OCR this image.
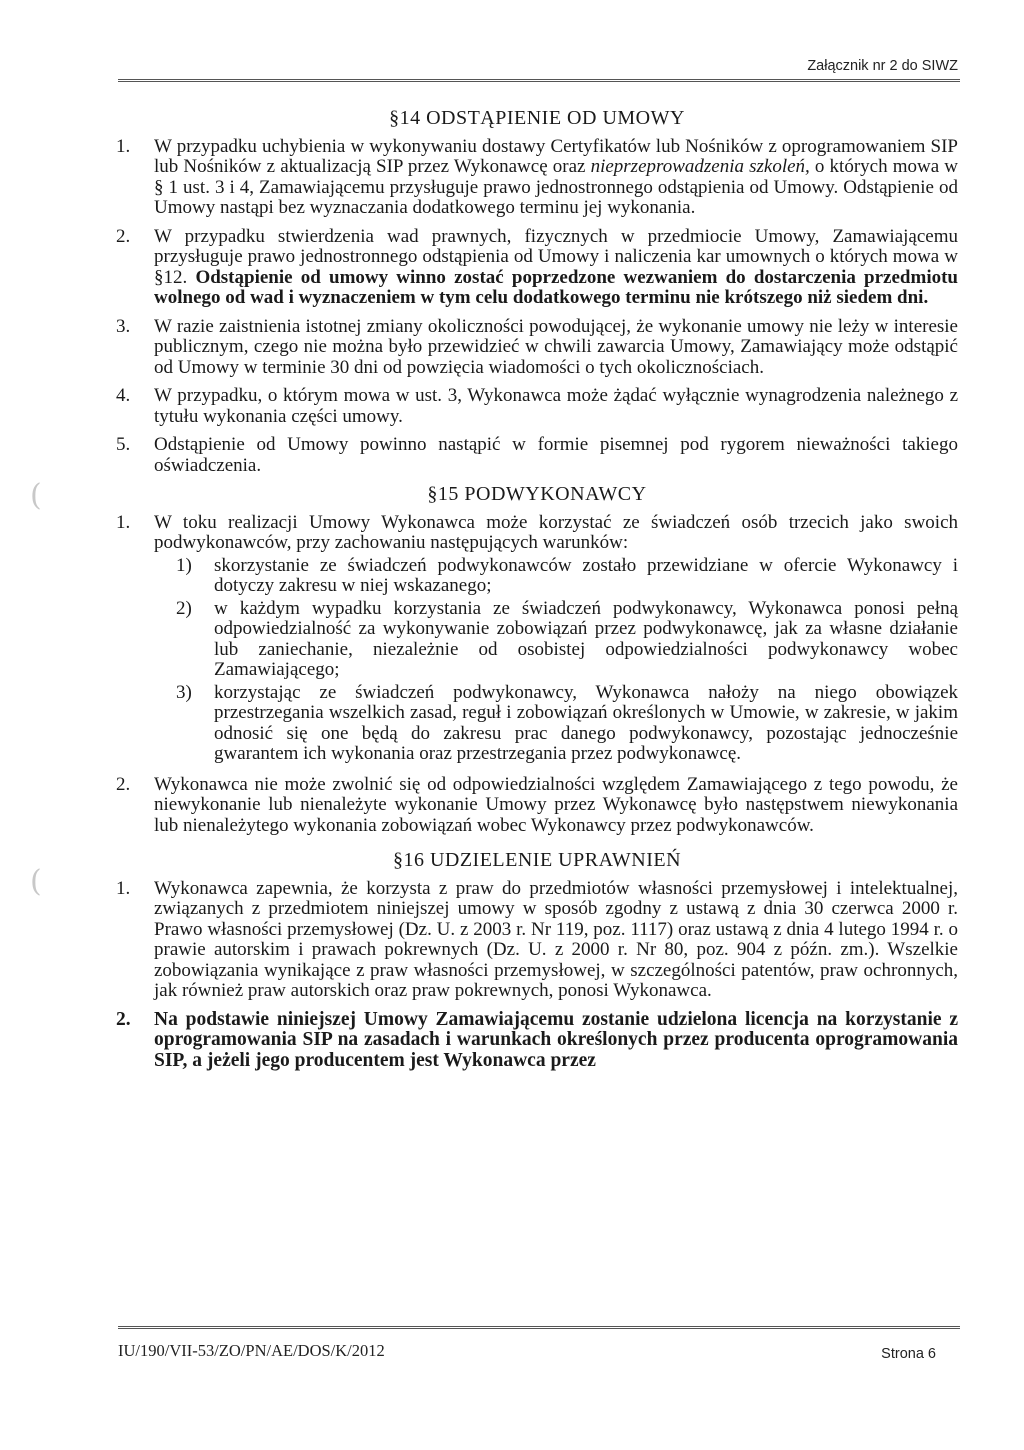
Załącznik nr 2 do SIWZ
(
(
§14 ODSTĄPIENIE OD UMOWY
1.	W przypadku uchybienia w wykonywaniu dostawy Certyfikatów lub Nośników z oprogramowaniem SIP lub Nośników z aktualizacją SIP przez Wykonawcę oraz nieprzeprowadzenia szkoleń, o których mowa w § 1 ust. 3 i 4, Zamawiającemu przysługuje prawo jednostronnego odstąpienia od Umowy. Odstąpienie od Umowy nastąpi bez wyznaczania dodatkowego terminu jej wykonania.
2.	W przypadku stwierdzenia wad prawnych, fizycznych w przedmiocie Umowy, Zamawiającemu przysługuje prawo jednostronnego odstąpienia od Umowy i naliczenia kar umownych o których mowa w §12. Odstąpienie od umowy winno zostać poprzedzone wezwaniem do dostarczenia przedmiotu wolnego od wad i wyznaczeniem w tym celu dodatkowego terminu nie krótszego niż siedem dni.
3.	W razie zaistnienia istotnej zmiany okoliczności powodującej, że wykonanie umowy nie leży w interesie publicznym, czego nie można było przewidzieć w chwili zawarcia Umowy, Zamawiający może odstąpić od Umowy w terminie 30 dni od powzięcia wiadomości o tych okolicznościach.
4.	W przypadku, o którym mowa w ust. 3, Wykonawca może żądać wyłącznie wynagrodzenia należnego z tytułu wykonania części umowy.
5.	Odstąpienie od Umowy powinno nastąpić w formie pisemnej pod rygorem nieważności takiego oświadczenia.
§15 PODWYKONAWCY
1.	W toku realizacji Umowy Wykonawca może korzystać ze świadczeń osób trzecich jako swoich podwykonawców, przy zachowaniu następujących warunków:
1)	skorzystanie ze świadczeń podwykonawców zostało przewidziane w ofercie Wykonawcy i dotyczy zakresu w niej wskazanego;
2)	w każdym wypadku korzystania ze świadczeń podwykonawcy, Wykonawca ponosi pełną odpowiedzialność za wykonywanie zobowiązań przez podwykonawcę, jak za własne działanie lub zaniechanie, niezależnie od osobistej odpowiedzialności podwykonawcy wobec Zamawiającego;
3)	korzystając ze świadczeń podwykonawcy, Wykonawca nałoży na niego obowiązek przestrzegania wszelkich zasad, reguł i zobowiązań określonych w Umowie, w zakresie, w jakim odnosić się one będą do zakresu prac danego podwykonawcy, pozostając jednocześnie gwarantem ich wykonania oraz przestrzegania przez podwykonawcę.
2.	Wykonawca nie może zwolnić się od odpowiedzialności względem Zamawiającego z tego powodu, że niewykonanie lub nienależyte wykonanie Umowy przez Wykonawcę było następstwem niewykonania lub nienależytego wykonania zobowiązań wobec Wykonawcy przez podwykonawców.
§16 UDZIELENIE UPRAWNIEŃ
1.	Wykonawca zapewnia, że korzysta z praw do przedmiotów własności przemysłowej i intelektualnej, związanych z przedmiotem niniejszej umowy w sposób zgodny z ustawą z dnia 30 czerwca 2000 r. Prawo własności przemysłowej (Dz. U. z 2003 r. Nr 119, poz. 1117) oraz ustawą z dnia 4 lutego 1994 r. o prawie autorskim i prawach pokrewnych (Dz. U. z 2000 r. Nr 80, poz. 904 z późn. zm.). Wszelkie zobowiązania wynikające z praw własności przemysłowej, w szczególności patentów, praw ochronnych, jak również praw autorskich oraz praw pokrewnych, ponosi Wykonawca.
2.	Na podstawie niniejszej Umowy Zamawiającemu zostanie udzielona licencja na korzystanie z oprogramowania SIP na zasadach i warunkach określonych przez producenta oprogramowania SIP, a jeżeli jego producentem jest Wykonawca przez
IU/190/VII-53/ZO/PN/AE/DOS/K/2012	Strona 6
